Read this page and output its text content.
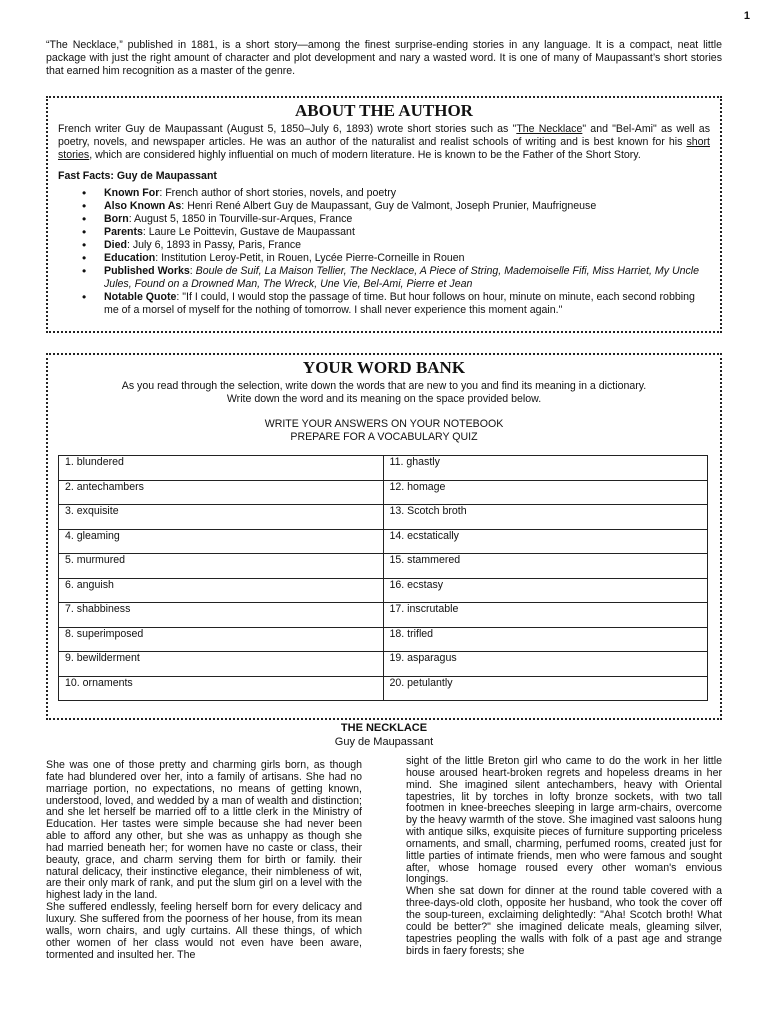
1

“The Necklace,” published in 1881, is a short story—among the finest surprise-ending stories in any language. It is a compact, neat little package with just the right amount of character and plot development and nary a wasted word. It is one of many of Maupassant’s short stories that earned him recognition as a master of the genre.

ABOUT THE AUTHOR

French writer Guy de Maupassant (August 5, 1850–July 6, 1893) wrote short stories such as "The Necklace" and "Bel-Ami" as well as poetry, novels, and newspaper articles. He was an author of the naturalist and realist schools of writing and is best known for his short stories, which are considered highly influential on much of modern literature. He is known to be the Father of the Short Story.

Fast Facts: Guy de Maupassant
• Known For: French author of short stories, novels, and poetry
• Also Known As: Henri René Albert Guy de Maupassant, Guy de Valmont, Joseph Prunier, Maufrigneuse
• Born: August 5, 1850 in Tourville-sur-Arques, France
• Parents: Laure Le Poittevin, Gustave de Maupassant
• Died: July 6, 1893 in Passy, Paris, France
• Education: Institution Leroy-Petit, in Rouen, Lycée Pierre-Corneille in Rouen
• Published Works: Boule de Suif, La Maison Tellier, The Necklace, A Piece of String, Mademoiselle Fifi, Miss Harriet, My Uncle Jules, Found on a Drowned Man, The Wreck, Une Vie, Bel-Ami, Pierre et Jean
• Notable Quote: "If I could, I would stop the passage of time. But hour follows on hour, minute on minute, each second robbing me of a morsel of myself for the nothing of tomorrow. I shall never experience this moment again."
YOUR WORD BANK

As you read through the selection, write down the words that are new to you and find its meaning in a dictionary.
Write down the word and its meaning on the space provided below.

WRITE YOUR ANSWERS ON YOUR NOTEBOOK
PREPARE FOR A VOCABULARY QUIZ

1. blundered	11. ghastly
2. antechambers	12. homage
3. exquisite	13. Scotch broth
4. gleaming	14. ecstatically
5. murmured	15. stammered
6. anguish	16. ecstasy
7. shabbiness	17. inscrutable
8. superimposed	18. trifled
9. bewilderment	19. asparagus
10. ornaments	20. petulantly
THE NECKLACE
Guy de Maupassant

She was one of those pretty and charming girls born, as though fate had blundered over her, into a family of artisans. She had no marriage portion, no expectations, no means of getting known, understood, loved, and wedded by a man of wealth and distinction; and she let herself be married off to a little clerk in the Ministry of Education. Her tastes were simple because she had never been able to afford any other, but she was as unhappy as though she had married beneath her; for women have no caste or class, their beauty, grace, and charm serving them for birth or family. their natural delicacy, their instinctive elegance, their nimbleness of wit, are their only mark of rank, and put the slum girl on a level with the highest lady in the land.

She suffered endlessly, feeling herself born for every delicacy and luxury. She suffered from the poorness of her house, from its mean walls, worn chairs, and ugly curtains. All these things, of which other women of her class would not even have been aware, tormented and insulted her. The

sight of the little Breton girl who came to do the work in her little house aroused heart-broken regrets and hopeless dreams in her mind. She imagined silent antechambers, heavy with Oriental tapestries, lit by torches in lofty bronze sockets, with two tall footmen in knee-breeches sleeping in large arm-chairs, overcome by the heavy warmth of the stove. She imagined vast saloons hung with antique silks, exquisite pieces of furniture supporting priceless ornaments, and small, charming, perfumed rooms, created just for little parties of intimate friends, men who were famous and sought after, whose homage roused every other woman's envious longings.

When she sat down for dinner at the round table covered with a three-days-old cloth, opposite her husband, who took the cover off the soup-tureen, exclaiming delightedly: "Aha! Scotch broth! What could be better?" she imagined delicate meals, gleaming silver, tapestries peopling the walls with folk of a past age and strange birds in faery forests; she
